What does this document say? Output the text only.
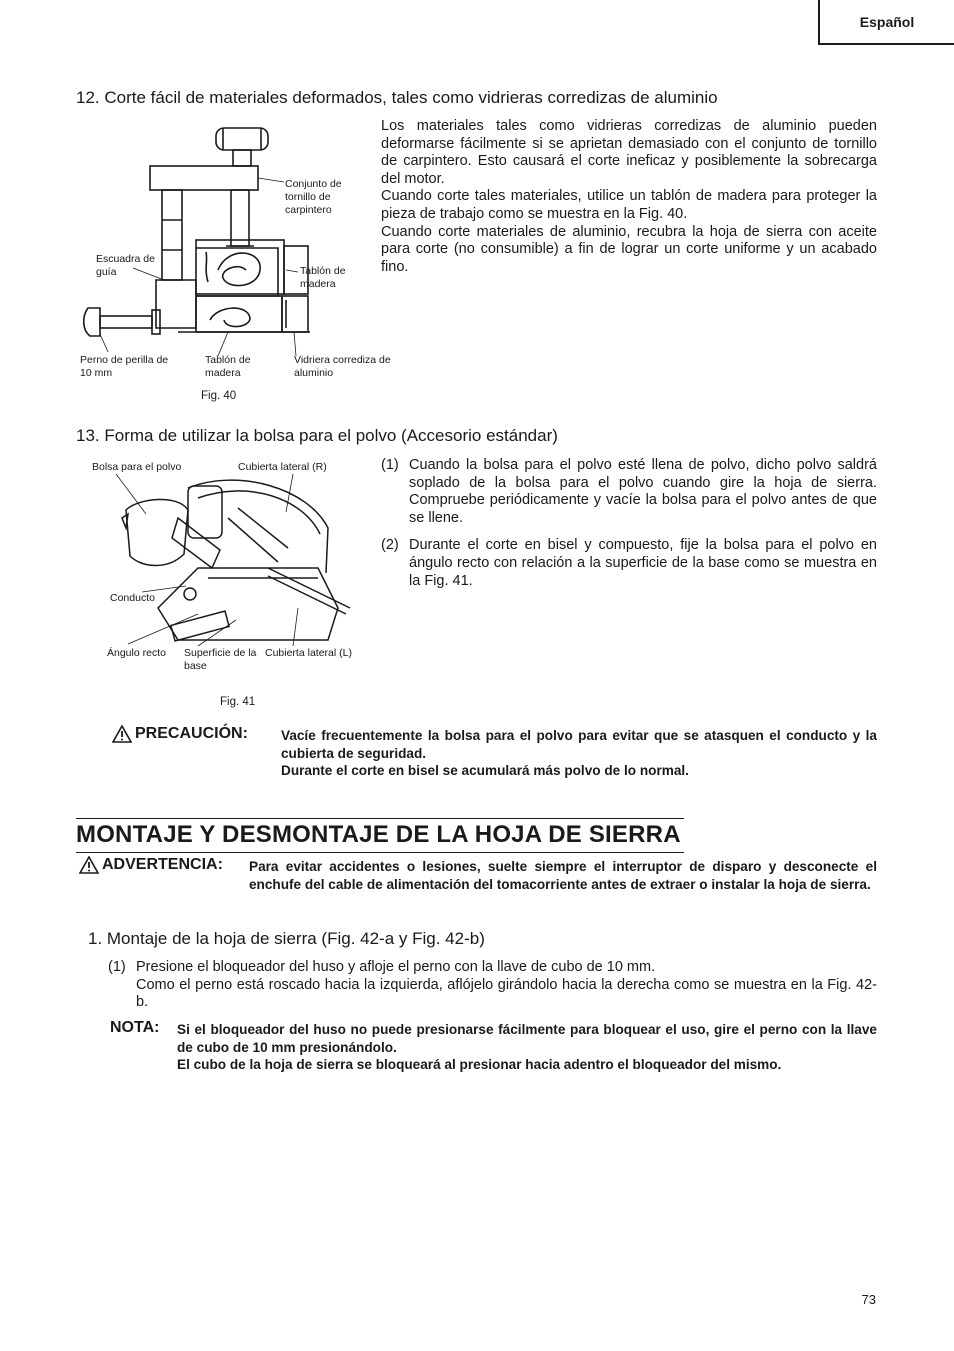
Español
12. Corte fácil de materiales deformados, tales como vidrieras corredizas de aluminio
Conjunto de tornillo de carpintero
Escuadra de guía	Tablón de madera
Perno de perilla de 10 mm
Tablón de madera
Vidriera corrediza de aluminio
Fig. 40

Los materiales tales como vidrieras corredizas de aluminio pueden deformarse fácilmente si se aprietan demasiado con el conjunto de tornillo de carpintero. Esto causará el corte ineficaz y posiblemente la sobrecarga del motor.

Cuando corte tales materiales, utilice un tablón de madera para proteger la pieza de trabajo como se muestra en la Fig. 40.

Cuando corte materiales de aluminio, recubra la hoja de sierra con aceite para corte (no consumible) a fin de lograr un corte uniforme y un acabado fino.

13. Forma de utilizar la bolsa para el polvo (Accesorio estándar)
Bolsa para el polvo	Cubierta lateral (R)
Conducto
Ángulo recto	Superficie de la base
Cubierta lateral (L)
Fig. 41
(1) Cuando la bolsa para el polvo esté llena de polvo, dicho polvo saldrá soplado de la bolsa para el polvo cuando gire la hoja de sierra. Compruebe periódicamente y vacíe la bolsa para el polvo antes de que se llene.
(2) Durante el corte en bisel y compuesto, fije la bolsa para el polvo en ángulo recto con relación a la superficie de la base como se muestra en la Fig. 41.
PRECAUCIÓN: Vacíe frecuentemente la bolsa para el polvo para evitar que se atasquen el conducto y la cubierta de seguridad.

Durante el corte en bisel se acumulará más polvo de lo normal.

MONTAJE Y DESMONTAJE DE LA HOJA DE SIERRA
ADVERTENCIA: Para evitar accidentes o lesiones, suelte siempre el interruptor de disparo y desconecte el enchufe del cable de alimentación del tomacorriente antes de extraer o instalar la hoja de sierra.
1. Montaje de la hoja de sierra (Fig. 42-a y Fig. 42-b)
(1) Presione el bloqueador del huso y afloje el perno con la llave de cubo de 10 mm.
Como el perno está roscado hacia la izquierda, aflójelo girándolo hacia la derecha como se muestra en la Fig. 42-b.
NOTA: Si el bloqueador del huso no puede presionarse fácilmente para bloquear el uso, gire el perno con la llave de cubo de 10 mm presionándolo.

El cubo de la hoja de sierra se bloqueará al presionar hacia adentro el bloqueador del mismo.

73
